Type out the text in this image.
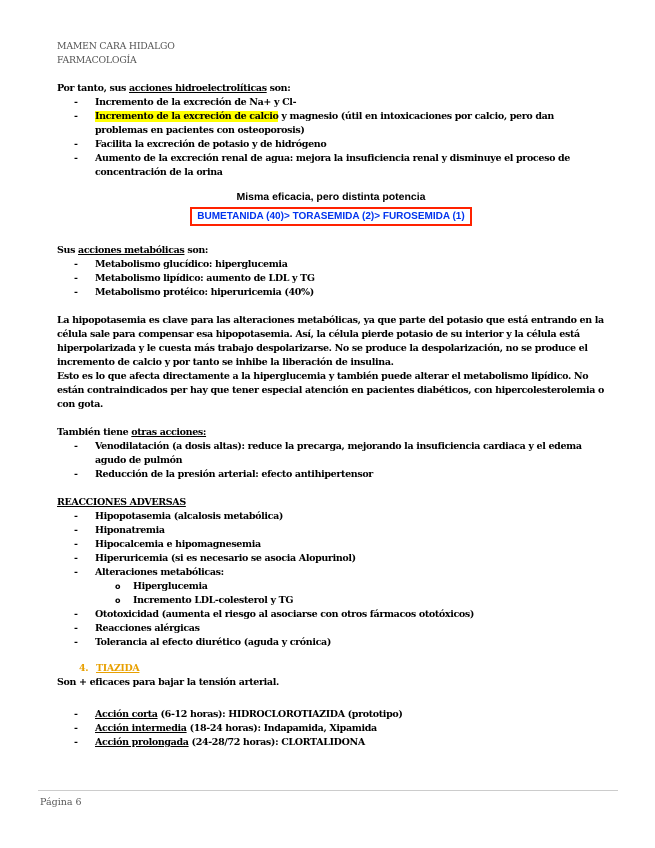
MAMEN CARA HIDALGO
FARMACOLOGÍA

Por tanto, sus acciones hidroelectrolíticas son:

- Incremento de la excreción de Na+ y Cl-
- Incremento de la excreción de calcio y magnesio (útil en intoxicaciones por calcio, pero dan problemas en pacientes con osteoporosis)
- Facilita la excreción de potasio y de hidrógeno
- Aumento de la excreción renal de agua: mejora la insuficiencia renal y disminuye el proceso de concentración de la orina
Misma eficacia, pero distinta potencia
BUMETANIDA (40)> TORASEMIDA (2)> FUROSEMIDA (1)

Sus acciones metabólicas son:

- Metabolismo glucídico: hiperglucemia
- Metabolismo lipídico: aumento de LDL y TG
- Metabolismo protéico: hiperuricemia (40%)

La hipopotasemia es clave para las alteraciones metabólicas, ya que parte del potasio que está entrando en la célula sale para compensar esa hipopotasemia. Así, la célula pierde potasio de su interior y la célula está hiperpolarizada y le cuesta más trabajo despolarizarse. No se produce la despolarización, no se produce el incremento de calcio y por tanto se inhibe la liberación de insulina.

Esto es lo que afecta directamente a la hiperglucemia y también puede alterar el metabolismo lipídico. No están contraindicados per hay que tener especial atención en pacientes diabéticos, con hipercolesterolemia o con gota.

También tiene otras acciones:

- Venodilatación (a dosis altas): reduce la precarga, mejorando la insuficiencia cardiaca y el edema agudo de pulmón
- Reducción de la presión arterial: efecto antihipertensor

REACCIONES ADVERSAS

- Hipopotasemia (alcalosis metabólica)
- Hiponatremia
- Hipocalcemia e hipomagnesemia
- Hiperuricemia (si es necesario se asocia Alopurinol)
- Alteraciones metabólicas:
o Hiperglucemia
o Incremento LDL-colesterol y TG
- Ototoxicidad (aumenta el riesgo al asociarse con otros fármacos ototóxicos)
- Reacciones alérgicas
- Tolerancia al efecto diurético (aguda y crónica)

4. TIAZIDA

Son + eficaces para bajar la tensión arterial.

- Acción corta (6-12 horas): HIDROCLOROTIAZIDA (prototipo)
- Acción intermedia (18-24 horas): Indapamida, Xipamida
- Acción prolongada (24-28/72 horas): CLORTALIDONA
Página 6
